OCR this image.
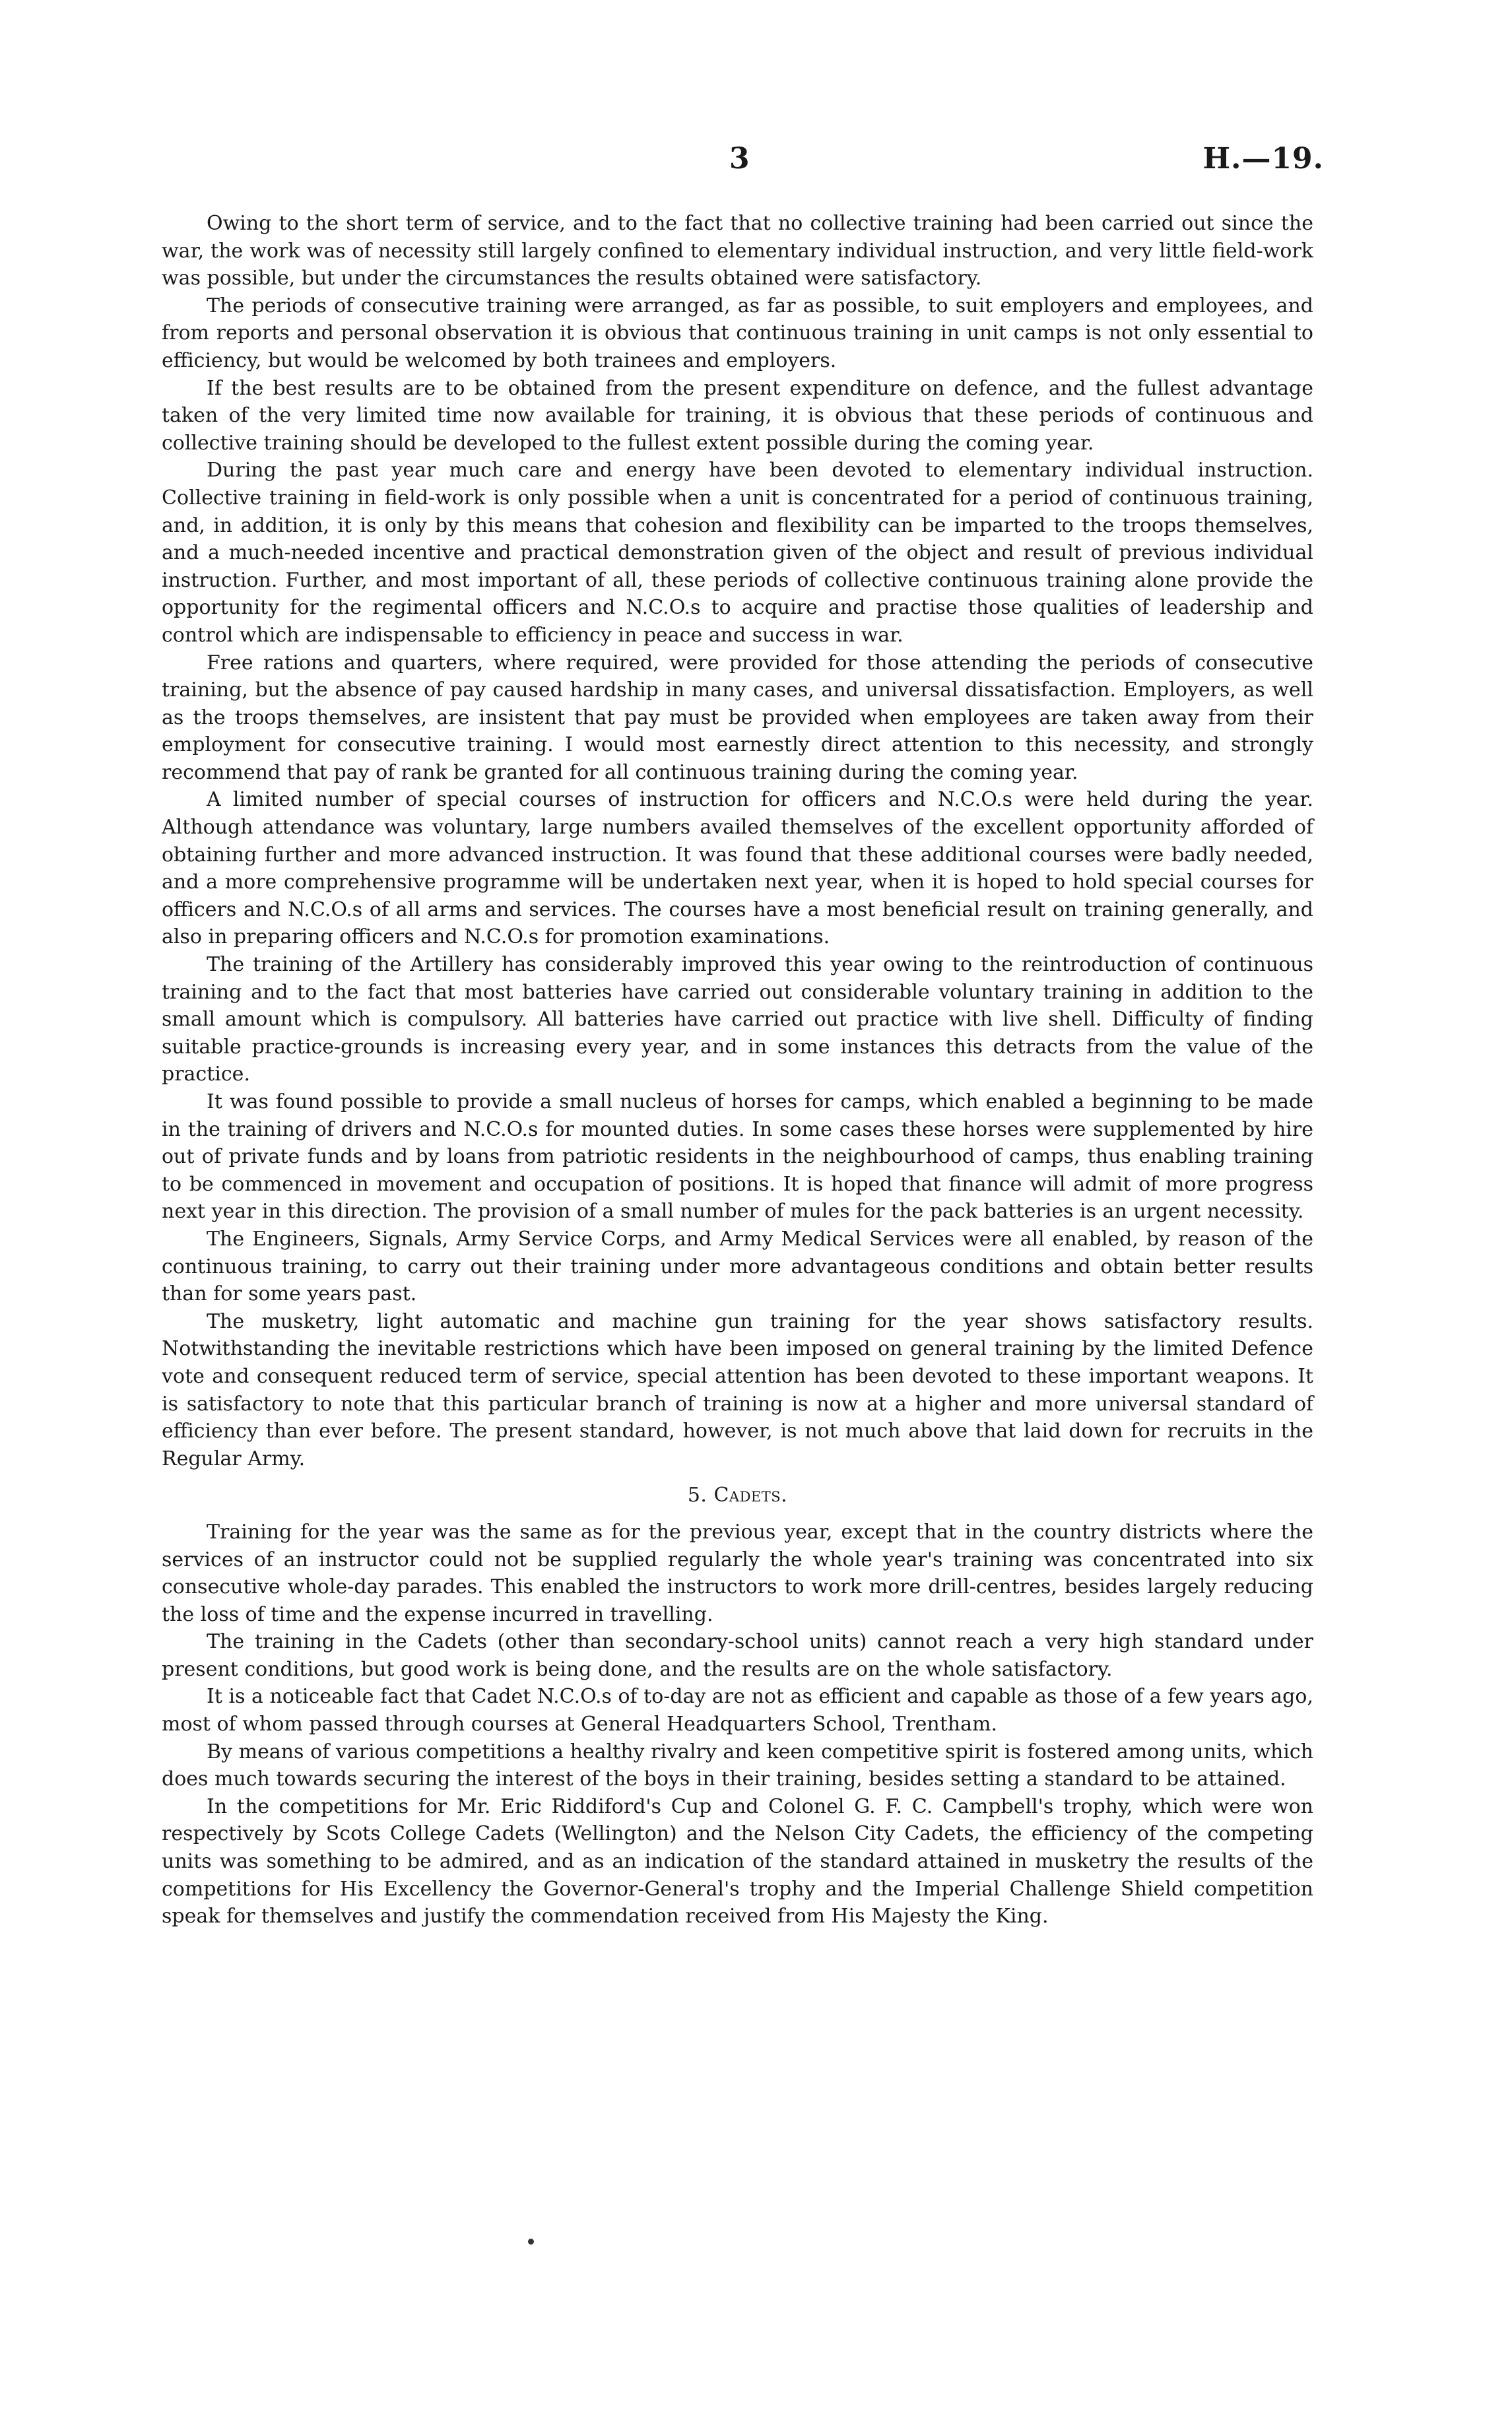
3	H.—19.

Owing to the short term of service, and to the fact that no collective training had been carried out since the war, the work was of necessity still largely confined to elementary individual instruction, and very little field-work was possible, but under the circumstances the results obtained were satisfactory.

The periods of consecutive training were arranged, as far as possible, to suit employers and employees, and from reports and personal observation it is obvious that continuous training in unit camps is not only essential to efficiency, but would be welcomed by both trainees and employers.

If the best results are to be obtained from the present expenditure on defence, and the fullest advantage taken of the very limited time now available for training, it is obvious that these periods of continuous and collective training should be developed to the fullest extent possible during the coming year.

During the past year much care and energy have been devoted to elementary individual instruction. Collective training in field-work is only possible when a unit is concentrated for a period of continuous training, and, in addition, it is only by this means that cohesion and flexibility can be imparted to the troops themselves, and a much-needed incentive and practical demonstration given of the object and result of previous individual instruction. Further, and most important of all, these periods of collective continuous training alone provide the opportunity for the regimental officers and N.C.O.s to acquire and practise those qualities of leadership and control which are indispensable to efficiency in peace and success in war.

Free rations and quarters, where required, were provided for those attending the periods of consecutive training, but the absence of pay caused hardship in many cases, and universal dissatisfaction. Employers, as well as the troops themselves, are insistent that pay must be provided when employees are taken away from their employment for consecutive training. I would most earnestly direct attention to this necessity, and strongly recommend that pay of rank be granted for all continuous training during the coming year.

A limited number of special courses of instruction for officers and N.C.O.s were held during the year. Although attendance was voluntary, large numbers availed themselves of the excellent opportunity afforded of obtaining further and more advanced instruction. It was found that these additional courses were badly needed, and a more comprehensive programme will be undertaken next year, when it is hoped to hold special courses for officers and N.C.O.s of all arms and services. The courses have a most beneficial result on training generally, and also in preparing officers and N.C.O.s for promotion examinations.

The training of the Artillery has considerably improved this year owing to the reintroduction of continuous training and to the fact that most batteries have carried out considerable voluntary training in addition to the small amount which is compulsory. All batteries have carried out practice with live shell. Difficulty of finding suitable practice-grounds is increasing every year, and in some instances this detracts from the value of the practice.

It was found possible to provide a small nucleus of horses for camps, which enabled a beginning to be made in the training of drivers and N.C.O.s for mounted duties. In some cases these horses were supplemented by hire out of private funds and by loans from patriotic residents in the neighbourhood of camps, thus enabling training to be commenced in movement and occupation of positions. It is hoped that finance will admit of more progress next year in this direction. The provision of a small number of mules for the pack batteries is an urgent necessity.

The Engineers, Signals, Army Service Corps, and Army Medical Services were all enabled, by reason of the continuous training, to carry out their training under more advantageous conditions and obtain better results than for some years past.

The musketry, light automatic and machine gun training for the year shows satisfactory results. Notwithstanding the inevitable restrictions which have been imposed on general training by the limited Defence vote and consequent reduced term of service, special attention has been devoted to these important weapons. It is satisfactory to note that this particular branch of training is now at a higher and more universal standard of efficiency than ever before. The present standard, however, is not much above that laid down for recruits in the Regular Army.

5. Cadets.

Training for the year was the same as for the previous year, except that in the country districts where the services of an instructor could not be supplied regularly the whole year's training was concentrated into six consecutive whole-day parades. This enabled the instructors to work more drill-centres, besides largely reducing the loss of time and the expense incurred in travelling.

The training in the Cadets (other than secondary-school units) cannot reach a very high standard under present conditions, but good work is being done, and the results are on the whole satisfactory.

It is a noticeable fact that Cadet N.C.O.s of to-day are not as efficient and capable as those of a few years ago, most of whom passed through courses at General Headquarters School, Trentham.

By means of various competitions a healthy rivalry and keen competitive spirit is fostered among units, which does much towards securing the interest of the boys in their training, besides setting a standard to be attained.

In the competitions for Mr. Eric Riddiford's Cup and Colonel G. F. C. Campbell's trophy, which were won respectively by Scots College Cadets (Wellington) and the Nelson City Cadets, the efficiency of the competing units was something to be admired, and as an indication of the standard attained in musketry the results of the competitions for His Excellency the Governor-General's trophy and the Imperial Challenge Shield competition speak for themselves and justify the commendation received from His Majesty the King.
